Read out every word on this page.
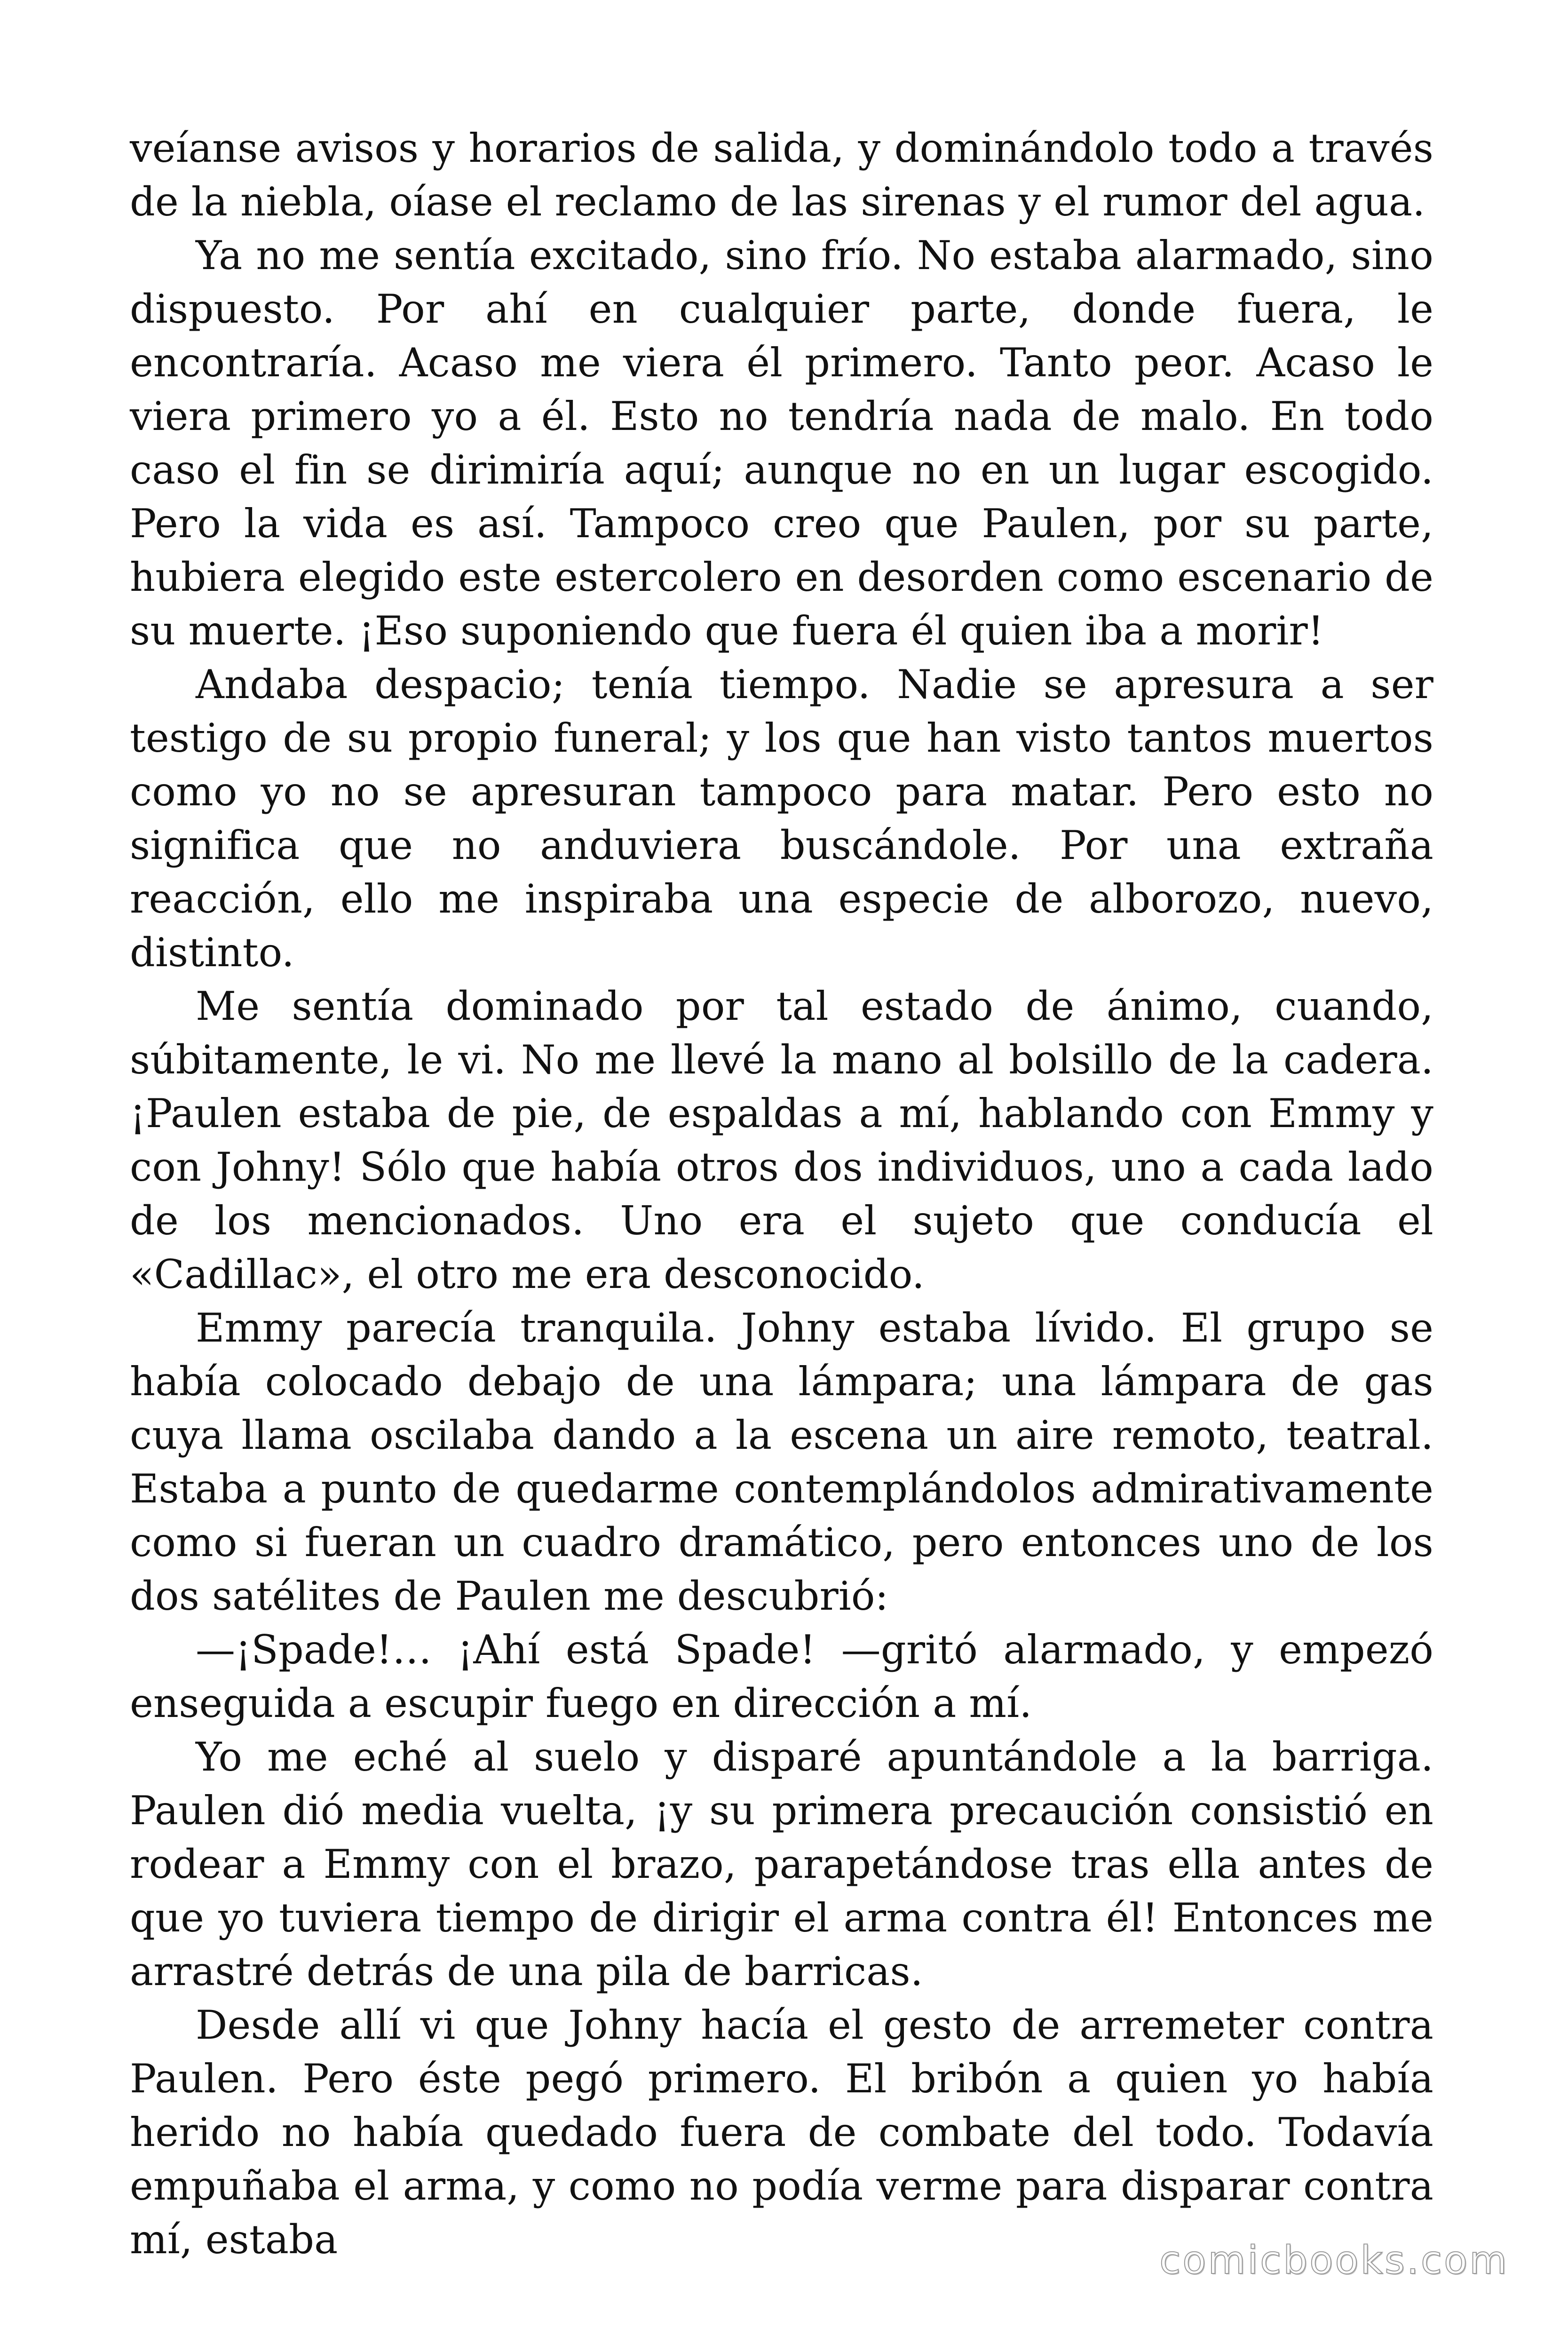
veíanse avisos y horarios de salida, y dominándolo todo a través de la niebla, oíase el reclamo de las sirenas y el rumor del agua.

Ya no me sentía excitado, sino frío. No estaba alarmado, sino dispuesto. Por ahí en cualquier parte, donde fuera, le encontraría. Acaso me viera él primero. Tanto peor. Acaso le viera primero yo a él. Esto no tendría nada de malo. En todo caso el fin se dirimiría aquí; aunque no en un lugar escogido. Pero la vida es así. Tampoco creo que Paulen, por su parte, hubiera elegido este estercolero en desorden como escenario de su muerte. ¡Eso suponiendo que fuera él quien iba a morir!

Andaba despacio; tenía tiempo. Nadie se apresura a ser testigo de su propio funeral; y los que han visto tantos muertos como yo no se apresuran tampoco para matar. Pero esto no significa que no anduviera buscándole. Por una extraña reacción, ello me inspiraba una especie de alborozo, nuevo, distinto.

Me sentía dominado por tal estado de ánimo, cuando, súbitamente, le vi. No me llevé la mano al bolsillo de la cadera. ¡Paulen estaba de pie, de espaldas a mí, hablando con Emmy y con Johny! Sólo que había otros dos individuos, uno a cada lado de los mencionados. Uno era el sujeto que conducía el «Cadillac», el otro me era desconocido.

Emmy parecía tranquila. Johny estaba lívido. El grupo se había colocado debajo de una lámpara; una lámpara de gas cuya llama oscilaba dando a la escena un aire remoto, teatral. Estaba a punto de quedarme contemplándolos admirativamente como si fueran un cuadro dramático, pero entonces uno de los dos satélites de Paulen me descubrió:

—¡Spade!… ¡Ahí está Spade! —gritó alarmado, y empezó enseguida a escupir fuego en dirección a mí.

Yo me eché al suelo y disparé apuntándole a la barriga. Paulen dió media vuelta, ¡y su primera precaución consistió en rodear a Emmy con el brazo, parapetándose tras ella antes de que yo tuviera tiempo de dirigir el arma contra él! Entonces me arrastré detrás de una pila de barricas.

Desde allí vi que Johny hacía el gesto de arremeter contra Paulen. Pero éste pegó primero. El bribón a quien yo había herido no había quedado fuera de combate del todo. Todavía empuñaba el arma, y como no podía verme para disparar contra mí, estaba	comicbooks.com
